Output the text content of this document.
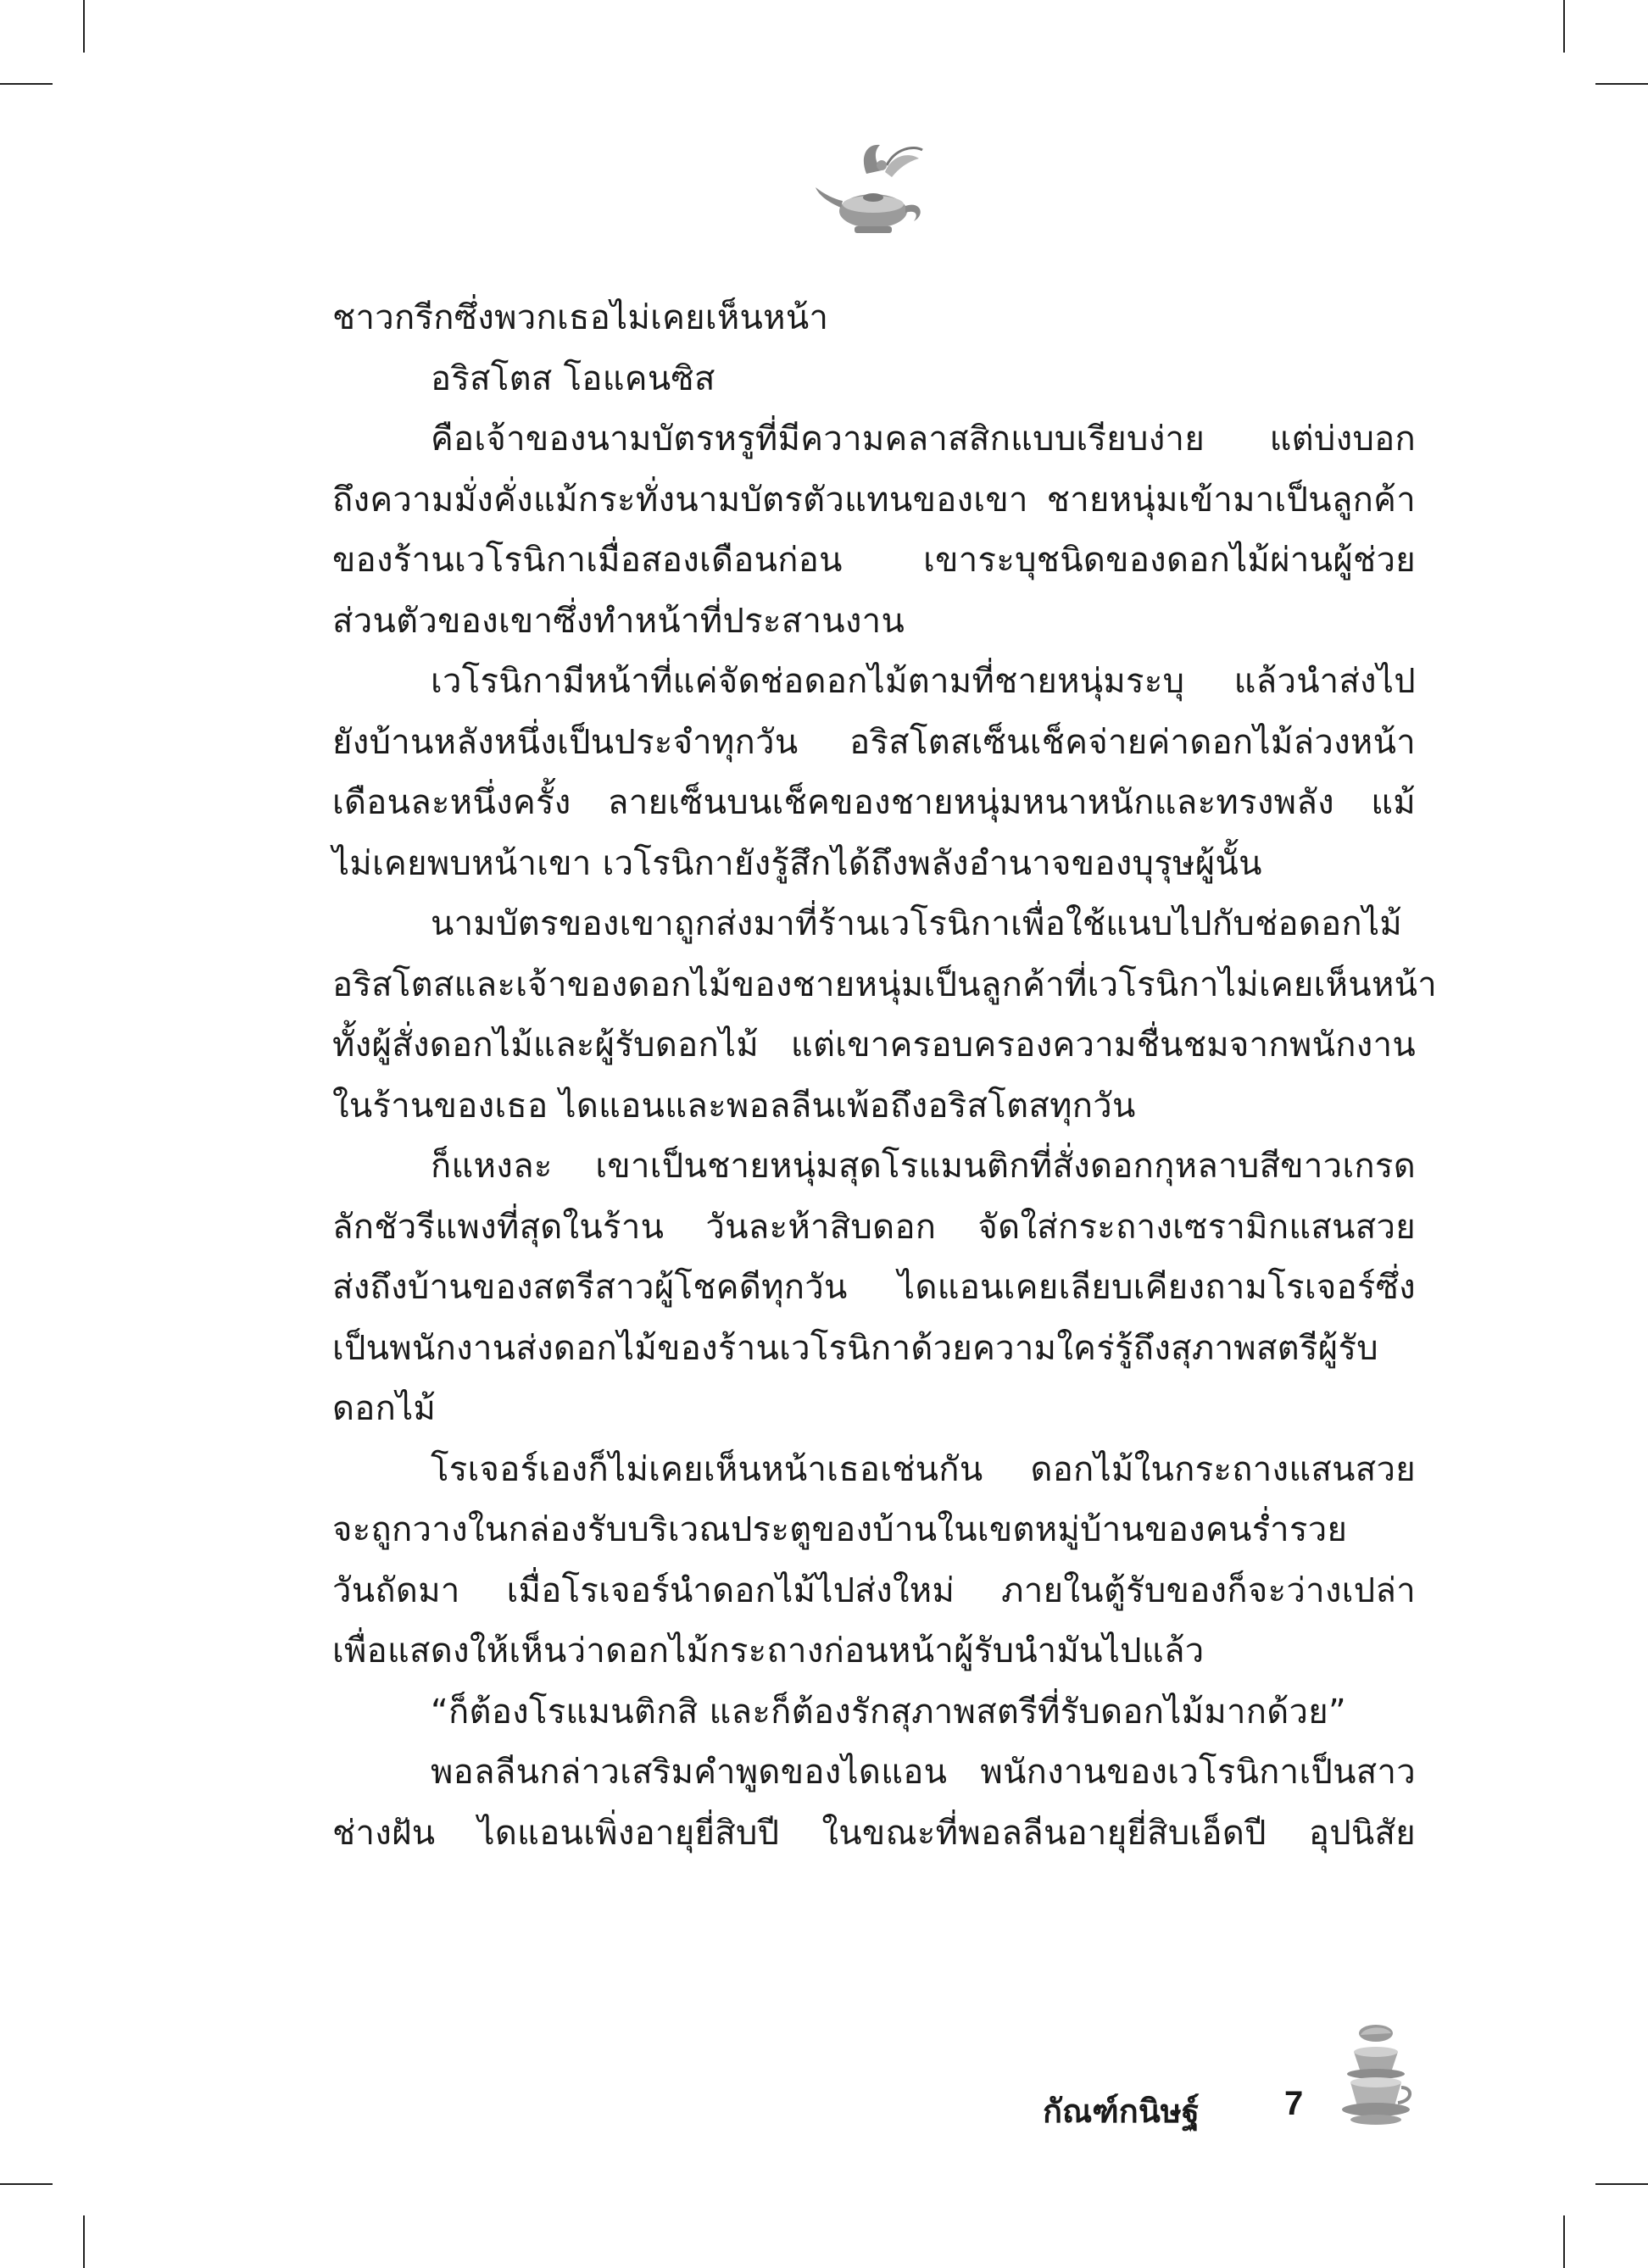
ชาวกรีกซึ่งพวกเธอไม่เคยเห็นหน้า

อริสโตส โอแคนซิส

คือเจ้าของนามบัตรหรูที่มีความคลาสสิกแบบเรียบง่าย แต่บ่งบอก

ถึงความมั่งคั่งแม้กระทั่งนามบัตรตัวแทนของเขา ชายหนุ่มเข้ามาเป็นลูกค้า

ของร้านเวโรนิกาเมื่อสองเดือนก่อน เขาระบุชนิดของดอกไม้ผ่านผู้ช่วย

ส่วนตัวของเขาซึ่งทำหน้าที่ประสานงาน

เวโรนิกามีหน้าที่แค่จัดช่อดอกไม้ตามที่ชายหนุ่มระบุ แล้วนำส่งไป

ยังบ้านหลังหนึ่งเป็นประจำทุกวัน อริสโตสเซ็นเช็คจ่ายค่าดอกไม้ล่วงหน้า

เดือนละหนึ่งครั้ง ลายเซ็นบนเช็คของชายหนุ่มหนาหนักและทรงพลัง แม้

ไม่เคยพบหน้าเขา เวโรนิกายังรู้สึกได้ถึงพลังอำนาจของบุรุษผู้นั้น

นามบัตรของเขาถูกส่งมาที่ร้านเวโรนิกาเพื่อใช้แนบไปกับช่อดอกไม้

อริสโตสและเจ้าของดอกไม้ของชายหนุ่มเป็นลูกค้าที่เวโรนิกาไม่เคยเห็นหน้า

ทั้งผู้สั่งดอกไม้และผู้รับดอกไม้ แต่เขาครอบครองความชื่นชมจากพนักงาน

ในร้านของเธอ ไดแอนและพอลลีนเพ้อถึงอริสโตสทุกวัน

ก็แหงละ เขาเป็นชายหนุ่มสุดโรแมนติกที่สั่งดอกกุหลาบสีขาวเกรด

ลักชัวรีแพงที่สุดในร้าน วันละห้าสิบดอก จัดใส่กระถางเซรามิกแสนสวย

ส่งถึงบ้านของสตรีสาวผู้โชคดีทุกวัน ไดแอนเคยเลียบเคียงถามโรเจอร์ซึ่ง

เป็นพนักงานส่งดอกไม้ของร้านเวโรนิกาด้วยความใคร่รู้ถึงสุภาพสตรีผู้รับ

ดอกไม้

โรเจอร์เองก็ไม่เคยเห็นหน้าเธอเช่นกัน ดอกไม้ในกระถางแสนสวย

จะถูกวางในกล่องรับบริเวณประตูของบ้านในเขตหมู่บ้านของคนร่ำรวย

วันถัดมา เมื่อโรเจอร์นำดอกไม้ไปส่งใหม่ ภายในตู้รับของก็จะว่างเปล่า

เพื่อแสดงให้เห็นว่าดอกไม้กระถางก่อนหน้าผู้รับนำมันไปแล้ว

“ก็ต้องโรแมนติกสิ และก็ต้องรักสุภาพสตรีที่รับดอกไม้มากด้วย”

พอลลีนกล่าวเสริมคำพูดของไดแอน พนักงานของเวโรนิกาเป็นสาว

ช่างฝัน ไดแอนเพิ่งอายุยี่สิบปี ในขณะที่พอลลีนอายุยี่สิบเอ็ดปี อุปนิสัย

กัณฑ์กนิษฐ์	7
